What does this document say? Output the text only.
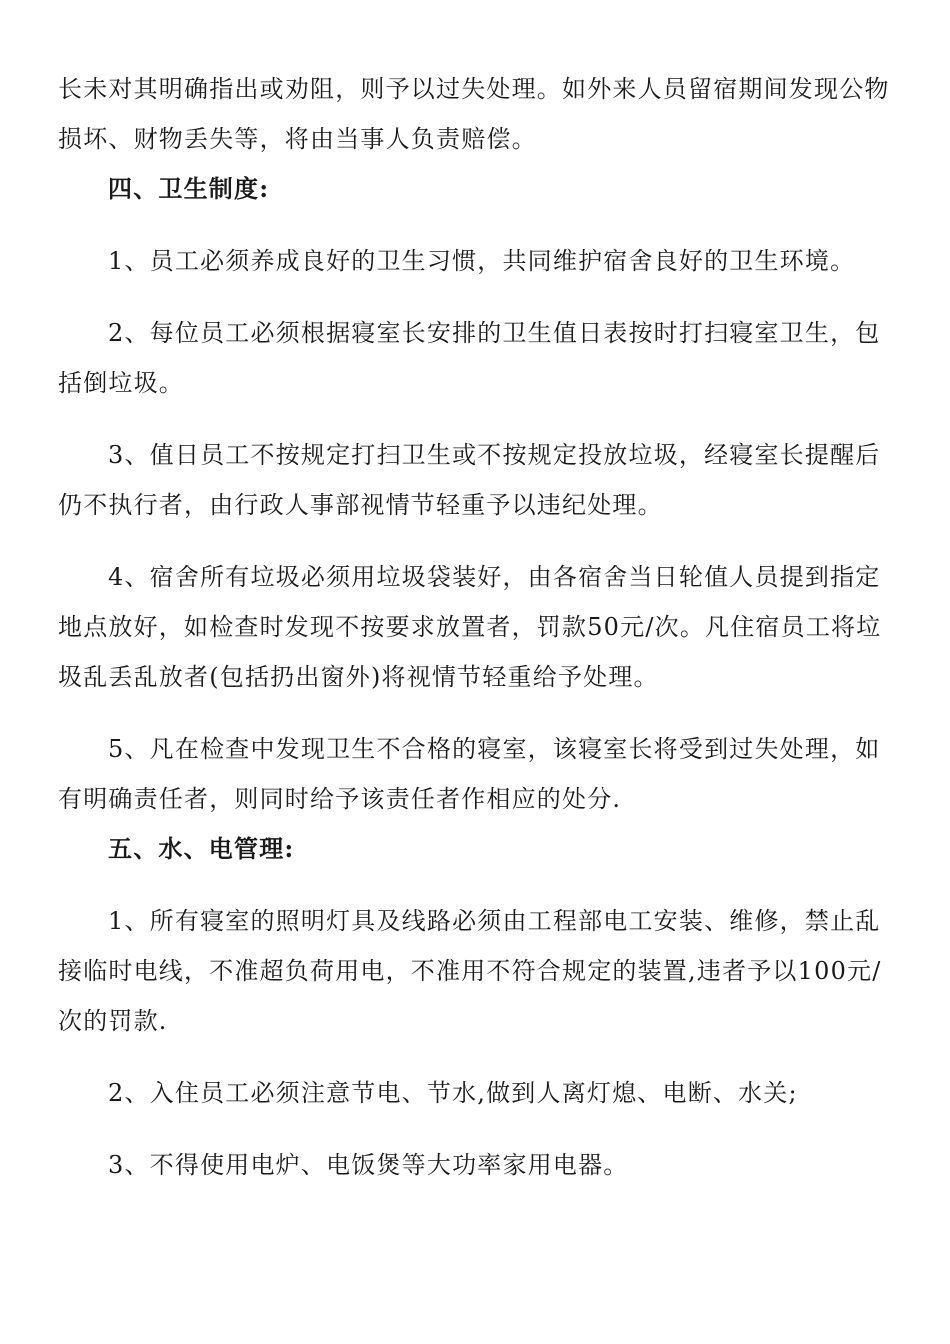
长未对其明确指出或劝阻，则予以过失处理。如外来人员留宿期间发现公物损坏、财物丢失等，将由当事人负责赔偿。

四、卫生制度:

1、员工必须养成良好的卫生习惯，共同维护宿舍良好的卫生环境。

2、每位员工必须根据寝室长安排的卫生值日表按时打扫寝室卫生，包括倒垃圾。

3、值日员工不按规定打扫卫生或不按规定投放垃圾，经寝室长提醒后仍不执行者，由行政人事部视情节轻重予以违纪处理。

4、宿舍所有垃圾必须用垃圾袋装好，由各宿舍当日轮值人员提到指定地点放好，如检查时发现不按要求放置者，罚款50元/次。凡住宿员工将垃圾乱丢乱放者(包括扔出窗外)将视情节轻重给予处理。

5、凡在检查中发现卫生不合格的寝室，该寝室长将受到过失处理，如有明确责任者，则同时给予该责任者作相应的处分.

五、水、电管理:

1、所有寝室的照明灯具及线路必须由工程部电工安装、维修，禁止乱接临时电线，不准超负荷用电，不准用不符合规定的装置,违者予以100元/次的罚款.

2、入住员工必须注意节电、节水,做到人离灯熄、电断、水关;

3、不得使用电炉、电饭煲等大功率家用电器。
